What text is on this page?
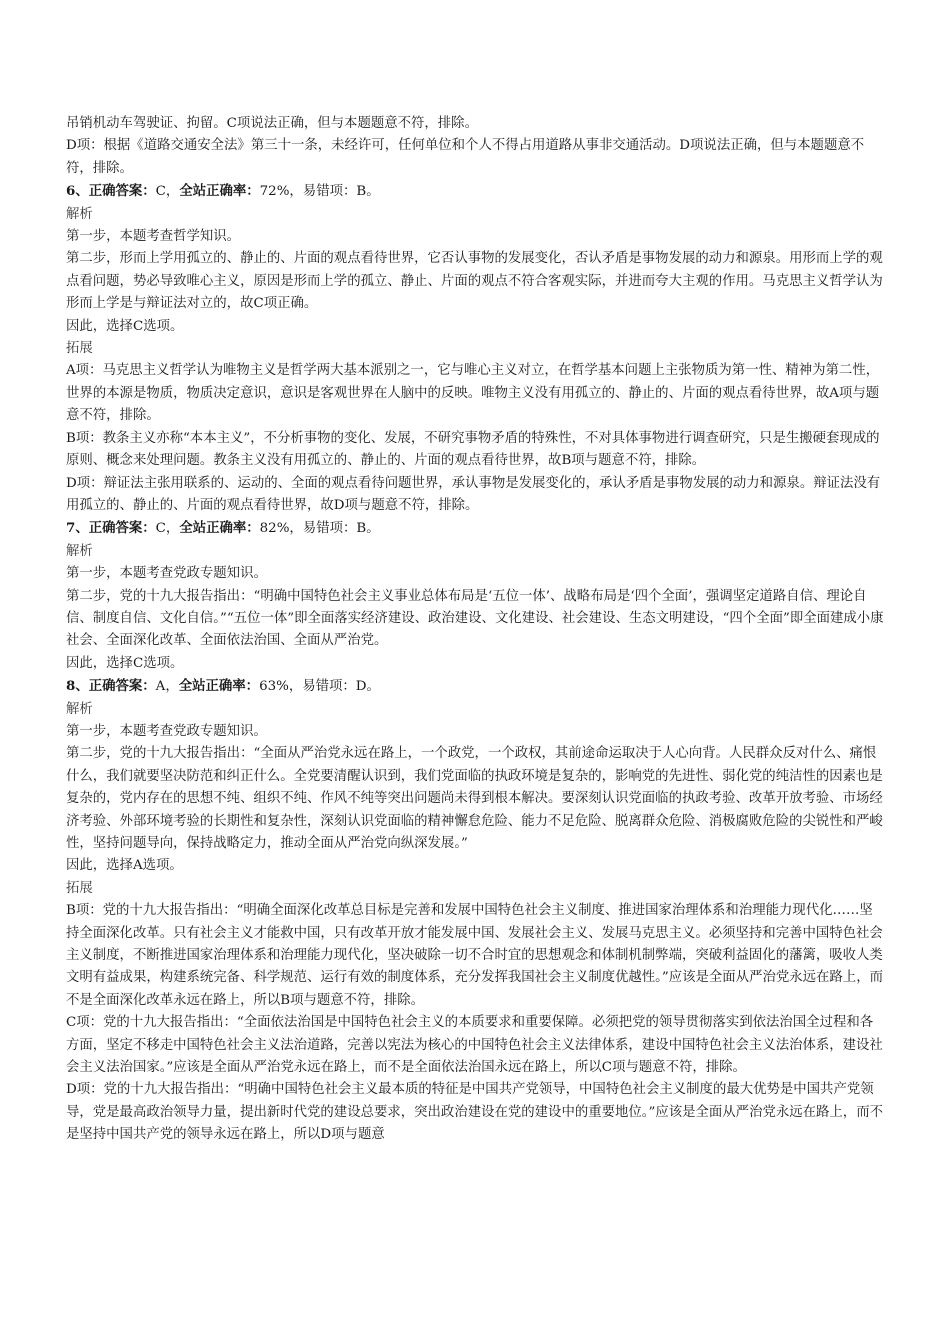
吊销机动车驾驶证、拘留。C项说法正确，但与本题题意不符，排除。

D项：根据《道路交通安全法》第三十一条，未经许可，任何单位和个人不得占用道路从事非交通活动。D项说法正确，但与本题题意不符，排除。

6、正确答案：C，全站正确率：72%，易错项：B。

解析

第一步，本题考查哲学知识。

第二步，形而上学用孤立的、静止的、片面的观点看待世界，它否认事物的发展变化，否认矛盾是事物发展的动力和源泉。用形而上学的观点看问题，势必导致唯心主义，原因是形而上学的孤立、静止、片面的观点不符合客观实际，并进而夸大主观的作用。马克思主义哲学认为形而上学是与辩证法对立的，故C项正确。

因此，选择C选项。

拓展

A项：马克思主义哲学认为唯物主义是哲学两大基本派别之一，它与唯心主义对立，在哲学基本问题上主张物质为第一性、精神为第二性，世界的本源是物质，物质决定意识，意识是客观世界在人脑中的反映。唯物主义没有用孤立的、静止的、片面的观点看待世界，故A项与题意不符，排除。

B项：教条主义亦称“本本主义”，不分析事物的变化、发展，不研究事物矛盾的特殊性，不对具体事物进行调查研究，只是生搬硬套现成的原则、概念来处理问题。教条主义没有用孤立的、静止的、片面的观点看待世界，故B项与题意不符，排除。

D项：辩证法主张用联系的、运动的、全面的观点看待问题世界，承认事物是发展变化的，承认矛盾是事物发展的动力和源泉。辩证法没有用孤立的、静止的、片面的观点看待世界，故D项与题意不符，排除。

7、正确答案：C，全站正确率：82%，易错项：B。

解析

第一步，本题考查党政专题知识。

第二步，党的十九大报告指出：“明确中国特色社会主义事业总体布局是‘五位一体’、战略布局是‘四个全面’，强调坚定道路自信、理论自信、制度自信、文化自信。”“五位一体”即全面落实经济建设、政治建设、文化建设、社会建设、生态文明建设，“四个全面”即全面建成小康社会、全面深化改革、全面依法治国、全面从严治党。

因此，选择C选项。

8、正确答案：A，全站正确率：63%，易错项：D。

解析

第一步，本题考查党政专题知识。

第二步，党的十九大报告指出：“全面从严治党永远在路上，一个政党，一个政权，其前途命运取决于人心向背。人民群众反对什么、痛恨什么，我们就要坚决防范和纠正什么。全党要清醒认识到，我们党面临的执政环境是复杂的，影响党的先进性、弱化党的纯洁性的因素也是复杂的，党内存在的思想不纯、组织不纯、作风不纯等突出问题尚未得到根本解决。要深刻认识党面临的执政考验、改革开放考验、市场经济考验、外部环境考验的长期性和复杂性，深刻认识党面临的精神懈怠危险、能力不足危险、脱离群众危险、消极腐败危险的尖锐性和严峻性，坚持问题导向，保持战略定力，推动全面从严治党向纵深发展。”

因此，选择A选项。

拓展

B项：党的十九大报告指出：“明确全面深化改革总目标是完善和发展中国特色社会主义制度、推进国家治理体系和治理能力现代化……坚持全面深化改革。只有社会主义才能救中国，只有改革开放才能发展中国、发展社会主义、发展马克思主义。必须坚持和完善中国特色社会主义制度，不断推进国家治理体系和治理能力现代化，坚决破除一切不合时宜的思想观念和体制机制弊端，突破利益固化的藩篱，吸收人类文明有益成果，构建系统完备、科学规范、运行有效的制度体系，充分发挥我国社会主义制度优越性。”应该是全面从严治党永远在路上，而不是全面深化改革永远在路上，所以B项与题意不符，排除。

C项：党的十九大报告指出：“全面依法治国是中国特色社会主义的本质要求和重要保障。必须把党的领导贯彻落实到依法治国全过程和各方面，坚定不移走中国特色社会主义法治道路，完善以宪法为核心的中国特色社会主义法律体系，建设中国特色社会主义法治体系，建设社会主义法治国家。”应该是全面从严治党永远在路上，而不是全面依法治国永远在路上，所以C项与题意不符，排除。

D项：党的十九大报告指出：“明确中国特色社会主义最本质的特征是中国共产党领导，中国特色社会主义制度的最大优势是中国共产党领导，党是最高政治领导力量，提出新时代党的建设总要求，突出政治建设在党的建设中的重要地位。”应该是全面从严治党永远在路上，而不是坚持中国共产党的领导永远在路上，所以D项与题意
